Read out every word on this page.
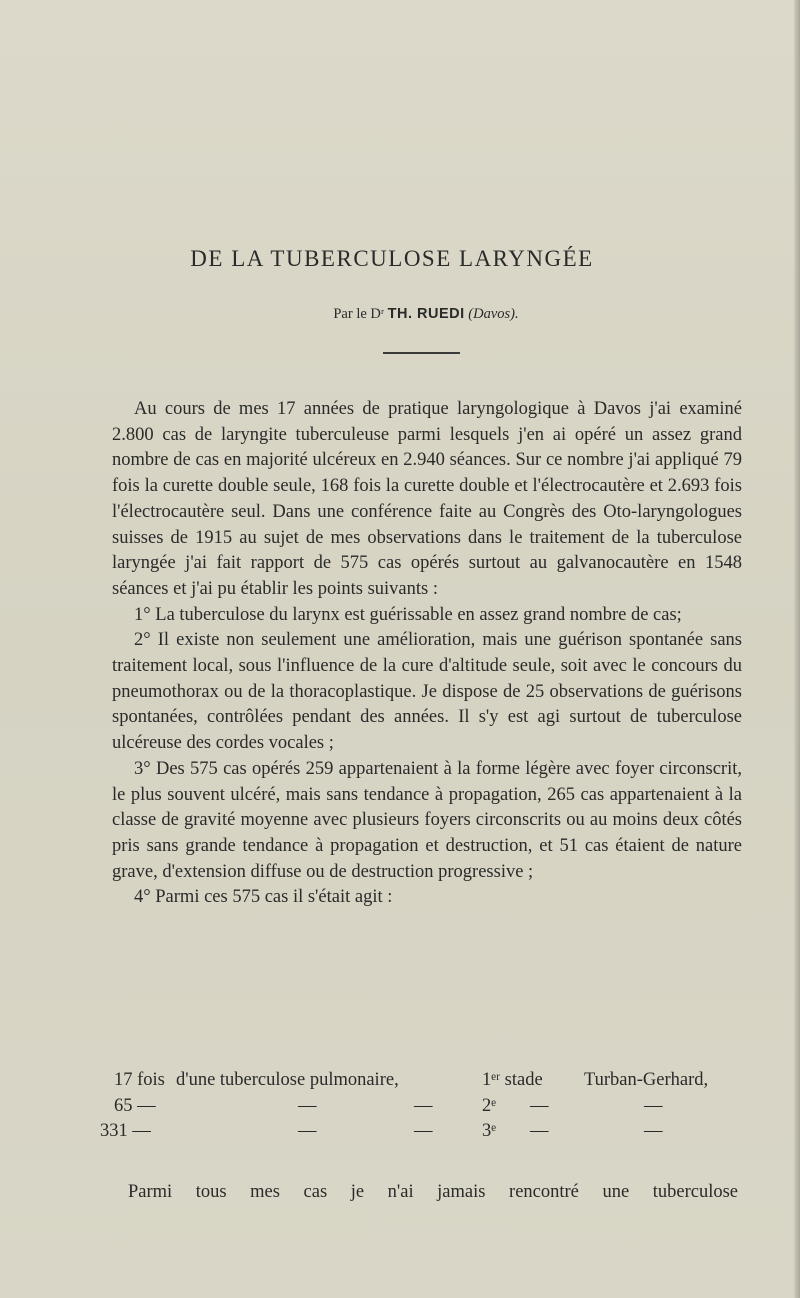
DE LA TUBERCULOSE LARYNGÉE
Par le Dʳ TH. RUEDI (Davos).

Au cours de mes 17 années de pratique laryngologique à Davos j'ai examiné 2.800 cas de laryngite tuberculeuse parmi lesquels j'en ai opéré un assez grand nombre de cas en majorité ulcéreux en 2.940 séances. Sur ce nombre j'ai appliqué 79 fois la curette double seule, 168 fois la curette double et l'électrocautère et 2.693 fois l'électrocautère seul. Dans une conférence faite au Congrès des Oto-laryngologues suisses de 1915 au sujet de mes observations dans le traitement de la tuberculose laryngée j'ai fait rapport de 575 cas opérés surtout au galvanocautère en 1548 séances et j'ai pu établir les points suivants :

1° La tuberculose du larynx est guérissable en assez grand nombre de cas;

2° Il existe non seulement une amélioration, mais une guérison spontanée sans traitement local, sous l'influence de la cure d'altitude seule, soit avec le concours du pneumothorax ou de la thoracoplastique. Je dispose de 25 observations de guérisons spontanées, contrôlées pendant des années. Il s'y est agi surtout de tuberculose ulcéreuse des cordes vocales ;

3° Des 575 cas opérés 259 appartenaient à la forme légère avec foyer circonscrit, le plus souvent ulcéré, mais sans tendance à propagation, 265 cas appartenaient à la classe de gravité moyenne avec plusieurs foyers circonscrits ou au moins deux côtés pris sans grande tendance à propagation et destruction, et 51 cas étaient de nature grave, d'extension diffuse ou de destruction progressive ;

4° Parmi ces 575 cas il s'était agit :

17 fois d'une tuberculose pulmonaire,	1ᵉʳ stade Turban-Gerhard,
65 —	—	—	2ᵉ —	—
331 —	—	—	3ᵉ —	—
Parmi tous mes cas je n'ai jamais rencontré une tuberculose
